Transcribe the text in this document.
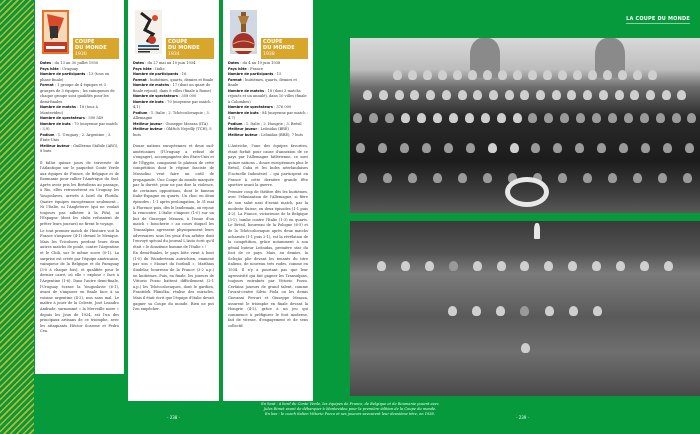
COUPE
DU MONDE 1930
Dates : du 13 au 30 juillet 1930
Pays hôte : Uruguay
Nombre de participants : 13 (tous en phase finale)
Format : 1 groupe de 4 équipes et 3 groupes de 3 équipes ; les vainqueurs de chaque groupe sont qualifiés pour les demi-finales
Nombre de matchs : 18 (tous à Montevideo)
Nombre de spectateurs : 590 549
Nombre de buts : 70 (moyenne par match : 3,9)
Podium : 1. Uruguay ; 2. Argentine ; 3. États-Unis
Meilleur buteur : Guillermo Stábile (ARG), 8 buts

Il fallut quinze jours de traversée de l'Atlantique sur le paquebot Conte Verde aux équipes de France, de Belgique et de Roumanie pour rallier l'Amérique du Sud. Après avoir pris les Brésiliens au passage, à Rio, elles retrouvèrent en Uruguay les Yougoslaves, arrivés à bord du Florida. Quatre équipes européennes seulement… Ni l'Italie, ni l'Angleterre (qui ne voulait toujours pas adhérer à la Fifa), ni l'Espagne (dont les clubs refusaient de prêter leurs joueurs) ne firent le voyage.

Le tout premier match de l'histoire voit la France s'imposer (4-1) devant le Mexique. Mais les Tricolores perdent leurs deux autres matchs de poule, contre l'Argentine et le Chili, sur le même score (0-1). La surprise est créée par l'équipe américaine, vainqueur de la Belgique et du Paraguay (3-0 à chaque fois), et qualifiée pour le dernier carré, où elle « explose » face à l'Argentine (1-6). Dans l'autre demi-finale, l'Uruguay écrase la Yougoslavie (6-1), avant de s'imposer en finale face à sa voisine argentine (4-2), non sans mal. Le maître à jouer de la Celeste, José Leandro Andrade, surnommé « la Merveille noire » depuis les Jeux de 1924, est l'un des principaux artisans de ce triomphe, avec les attaquants Héctor Scarone et Pedro Cea.

COUPE
DU MONDE 1934
Dates : du 27 mai au 10 juin 1934
Pays hôte : Italie
Nombre de participants : 16
Format : huitièmes, quarts, demies et finale
Nombre de matchs : 17 (dont un quart de finale rejoué), dans 8 villes (finale à Rome)
Nombre de spectateurs : 358 000
Nombre de buts : 70 (moyenne par match : 4,1)
Podium : 1. Italie ; 2. Tchécoslovaquie ; 3. Allemagne
Meilleur joueur : Giuseppe Meazza (ITA)
Meilleur buteur : Oldřich Nejedlý (TCH), 5 buts

Douze nations européennes et deux sud-américaines (l'Uruguay a refusé de s'engager), accompagnées des États-Unis et de l'Égypte, composent le plateau de cette compétition dont le régime fasciste de Mussolini veut faire un outil de propagande. Une Coupe du monde marquée par la dureté, pour ne pas dire la violence, de certaines oppositions, dont le fameux Italie-Espagne en quarts. Un choc en deux épisodes : 1-1 après prolongation, le 31 mai à Florence puis, dès le lendemain, on rejoue la rencontre. L'Italie s'impose (1-0) sur un but de Giuseppe Meazza, à l'issue d'un match « boucherie » au cours duquel les Transalpins agressent physiquement leurs adversaires sous les yeux d'un arbitre dont l'envoyé spécial du journal L'Auto écrit qu'il était « le douzième homme de l'Italie » !

En demi-finales, le pays hôte vient à bout (1-0) du Wunderteam autrichien, emmené par son « Mozart du football », Matthias Sindelar, bourreau de la France (3-2 a.p.) en huitièmes. Puis, en finale, les joueurs de Vittorio Pozzo battent difficilement (2-1 a.p.) les Tchécoslovaques, dont le gardien, František Plánička, réalise des miracles. Mais il était écrit que l'équipe d'Italie devait gagner sa Coupe du monde. Rien ne put l'en empêcher.

COUPE
DU MONDE 1938
Dates : du 4 au 19 juin 1938
Pays hôte : France
Nombre de participants : 15
Format : huitièmes, quarts, demies et finale
Nombre de matchs : 18 (dont 3 matchs rejoués et un annulé), dans 10 villes (finale à Colombes)
Nombre de spectateurs : 376 000
Nombre de buts : 84 (moyenne par match : 4,7)
Podium : 1. Italie ; 2. Hongrie ; 3. Brésil
Meilleur joueur : Leônidas (BRÉ)
Meilleur buteur : Leônidas (BRÉ), 7 buts

L'Autriche, l'une des équipes favorites, étant forfait pour cause d'annexion de ce pays par l'Allemagne hitlérienne, ce sont quinze nations – douze européennes plus le Brésil, Cuba et les Indes néerlandaises (l'actuelle Indonésie) – qui participent en France à cette dernière grande fête sportive avant la guerre.

Premier coup de théâtre dès les huitièmes, avec l'élimination de l'Allemagne, si fière de son salut nazi d'avant match, par la modeste Suisse, en deux épisodes (1-1 puis 4-2). La France, victorieuse de la Belgique (3-1), tombe contre l'Italie (1-3) en quarts. Le Brésil, bourreau de la Pologne (6-5) et de la Tchécoslovaquie après deux matchs acharnés (1-1 puis 2-1), est la révélation de la compétition, grâce notamment à son génial buteur Leônidas, première star du foot de ce pays. Mais, en demies, la Seleção plie devant les tenants du titre italiens, de nouveau très rudes, comme en 1934. Il n'y a pourtant pas que leur agressivité qui fait gagner les Transalpins, toujours entraînés par Vittorio Pozzo. Certains joueurs de grand talent, comme l'avant-centre Silvio Piola ou les demis Giovanni Ferrari et Giuseppe Meazza, assurent le triomphe en finale devant la Hongrie (4-2), grâce à un jeu qui commence à préfigurer le foot moderne, fait de vitesse, d'engagement et de sens collectif.

LA COUPE DU MONDE
En haut : à bord du Conte Verde, les équipes de France, de Belgique et de Roumanie posent avec
Jules Rimet avant de débarquer à Montevideo pour la première édition de la Coupe du monde.
En bas : le coach italien Vittorio Pozzo et ses joueurs savourent leur deuxième titre, en 1938.
- 238 -	- 239 -
